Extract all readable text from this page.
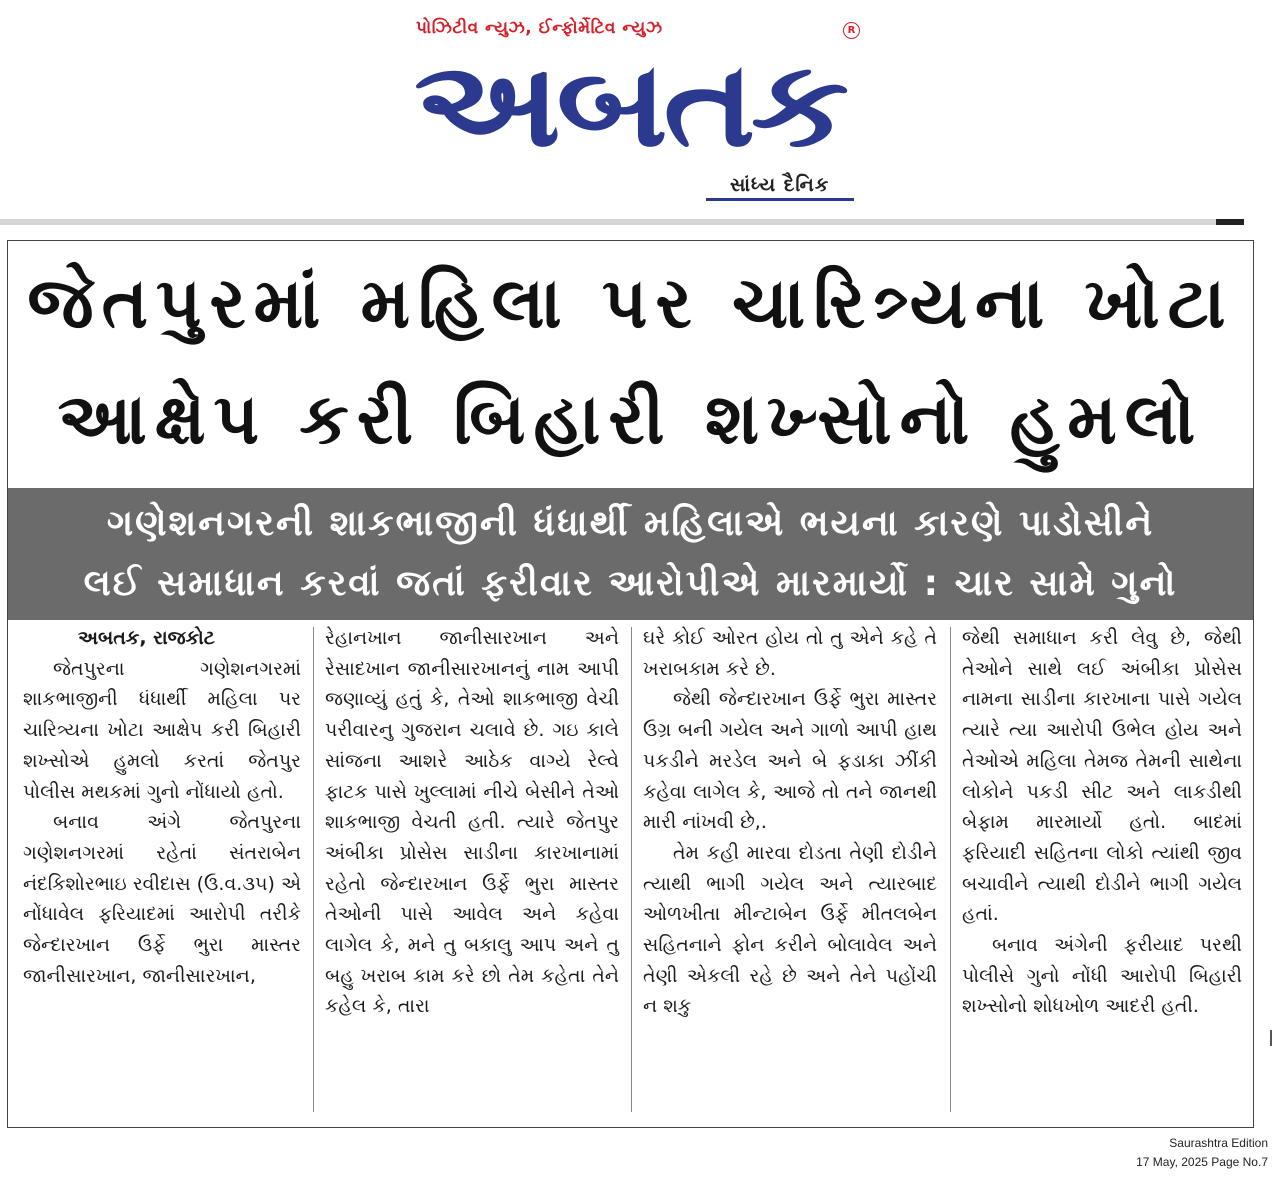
પોઝિટીવ ન્યુઝ, ઈન્ફોર્મેટિવ ન્યુઝ	R
અબતક
સાંધ્ય દૈનિક
જેતપુરમાં મહિલા પર ચારિત્ર્યના ખોટા
આક્ષેપ કરી બિહારી શખ્સોનો હુમલો
ગણેશનગરની શાકભાજીની ધંધાર્થી મહિલાએ ભયના કારણે પાડોસીને
લઈ સમાધાન કરવાં જતાં ફરીવાર આરોપીએ મારમાર્યો : ચાર સામે ગુનો
અબતક, રાજકોટ

જેતપુરના ગણેશનગરમાં શાકભાજીની ધંધાર્થી મહિલા પર ચારિત્ર્યના ખોટા આક્ષેપ કરી બિહારી શખ્સોએ હુમલો કરતાં જેતપુર પોલીસ મથકમાં ગુનો નોંધાયો હતો.

બનાવ અંગે જેતપુરના ગણેશનગરમાં રહેતાં સંતરાબેન નંદકિશોરભાઇ રવીદાસ (ઉ.વ.૩૫) એ નોંધાવેલ ફરિયાદમાં આરોપી તરીકે જેન્દારખાન ઉર્ફે ભુરા માસ્તર જાનીસારખાન, જાનીસારખાન,

રેહાનખાન જાનીસારખાન અને રેસાદખાન જાનીસારખાનનું નામ આપી જણાવ્યું હતું કે, તેઓ શાકભાજી વેચી પરીવારનુ ગુજરાન ચલાવે છે. ગઇ કાલે સાંજના આશરે આઠેક વાગ્યે રેલ્વે ફાટક પાસે ખુલ્લામાં નીચે બેસીને તેઓ શાકભાજી વેચતી હતી. ત્યારે જેતપુર અંબીકા પ્રોસેસ સાડીના કારખાનામાં રહેતો જેન્દારખાન ઉર્ફે ભુરા માસ્તર તેઓની પાસે આવેલ અને કહેવા લાગેલ કે, મને તુ બકાલુ આપ અને તુ બહુ ખરાબ કામ કરે છો તેમ કહેતા તેને કહેલ કે, તારા

ઘરે કોઈ ઓરત હોય તો તુ એને કહે તે ખરાબકામ કરે છે.

જેથી જેન્દારખાન ઉર્ફે ભુરા માસ્તર ઉગ્ર બની ગયેલ અને ગાળો આપી હાથ પકડીને મરડેલ અને બે ફડાકા ઝીંકી કહેવા લાગેલ કે, આજે તો તને જાનથી મારી નાંખવી છે,.

તેમ કહી મારવા દોડતા તેણી દોડીને ત્યાથી ભાગી ગયેલ અને ત્યારબાદ ઓળખીતા મીન્ટાબેન ઉર્ફે મીતલબેન સહિતનાને ફોન કરીને બોલાવેલ અને તેણી એકલી રહે છે અને તેને પહોંચી ન શકુ

જેથી સમાધાન કરી લેવુ છે, જેથી તેઓને સાથે લઈ અંબીકા પ્રોસેસ નામના સાડીના કારખાના પાસે ગયેલ ત્યારે ત્યા આરોપી ઉભેલ હોય અને તેઓએ મહિલા તેમજ તેમની સાથેના લોકોને પકડી સીટ અને લાકડીથી બેફામ મારમાર્યો હતો. બાદમાં ફરિયાદી સહિતના લોકો ત્યાંથી જીવ બચાવીને ત્યાથી દોડીને ભાગી ગયેલ હતાં.

બનાવ અંગેની ફરીયાદ પરથી પોલીસે ગુનો નોંધી આરોપી બિહારી શખ્સોનો શોધખોળ આદરી હતી.

Saurashtra Edition
17 May, 2025 Page No.7
